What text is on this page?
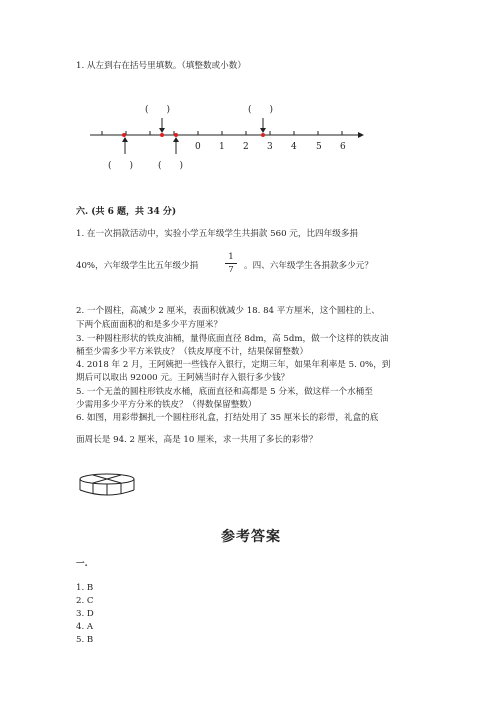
1. 从左到右在括号里填数。（填整数或小数）
(　　)	(　　)
0 1 2 3 4 5 6
(　　)	(　　)
六. (共 6 题，共 34 分)
1. 在一次捐款活动中，实验小学五年级学生共捐款 560 元，比四年级多捐
40%，六年级学生比五年级少捐
1
7	。四、六年级学生各捐款多少元？
2. 一个圆柱，高减少 2 厘米，表面积就减少 18. 84 平方厘米，这个圆柱的上、
下两个底面面积的和是多少平方厘米？
3. 一种圆柱形状的铁皮油桶，量得底面直径 8dm，高 5dm，做一个这样的铁皮油
桶至少需多少平方米铁皮？（铁皮厚度不计，结果保留整数）
4. 2018 年 2 月，王阿姨把一些钱存入银行，定期三年，如果年利率是 5. 0%，到
期后可以取出 92000 元。王阿姨当时存入银行多少钱？
5. 一个无盖的圆柱形铁皮水桶，底面直径和高都是 5 分米，做这样一个水桶至
少需用多少平方分米的铁皮？（得数保留整数）
6. 如图，用彩带捆扎一个圆柱形礼盒，打结处用了 35 厘米长的彩带，礼盒的底
面周长是 94. 2 厘米，高是 10 厘米，求一共用了多长的彩带？
参考答案
一.
1. B
2. C
3. D
4. A
5. B
